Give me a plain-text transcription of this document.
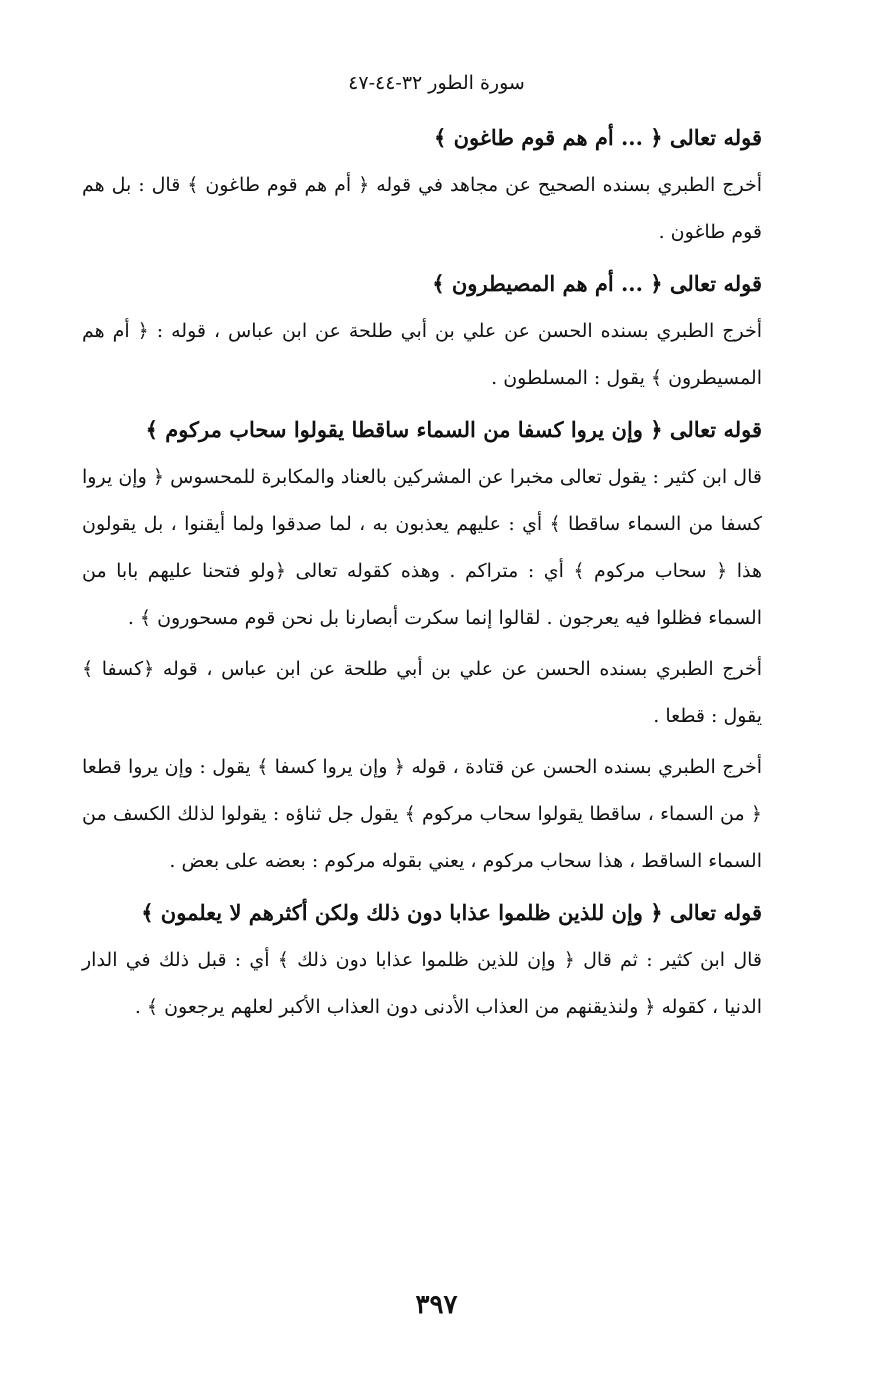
سورة الطور ٣٢-٤٤-٤٧
قوله تعالى ﴿ ... أم هم قوم طاغون ﴾

أخرج الطبري بسنده الصحيح عن مجاهد في قوله ﴿ أم هم قوم طاغون ﴾ قال : بل هم قوم طاغون .

قوله تعالى ﴿ ... أم هم المصيطرون ﴾

أخرج الطبري بسنده الحسن عن علي بن أبي طلحة عن ابن عباس ، قوله : ﴿ أم هم المسيطرون ﴾ يقول : المسلطون .

قوله تعالى ﴿ وإن يروا كسفا من السماء ساقطا يقولوا سحاب مركوم ﴾

قال ابن كثير : يقول تعالى مخبرا عن المشركين بالعناد والمكابرة للمحسوس ﴿ وإن يروا كسفا من السماء ساقطا ﴾ أي : عليهم يعذبون به ، لما صدقوا ولما أيقنوا ، بل يقولون هذا ﴿ سحاب مركوم ﴾ أي : متراكم . وهذه كقوله تعالى ﴿ولو فتحنا عليهم بابا من السماء فظلوا فيه يعرجون . لقالوا إنما سكرت أبصارنا بل نحن قوم مسحورون ﴾ .

أخرج الطبري بسنده الحسن عن علي بن أبي طلحة عن ابن عباس ، قوله ﴿كسفا ﴾ يقول : قطعا .

أخرج الطبري بسنده الحسن عن قتادة ، قوله ﴿ وإن يروا كسفا ﴾ يقول : وإن يروا قطعا ﴿ من السماء ، ساقطا يقولوا سحاب مركوم ﴾ يقول جل ثناؤه : يقولوا لذلك الكسف من السماء الساقط ، هذا سحاب مركوم ، يعني بقوله مركوم : بعضه على بعض .

قوله تعالى ﴿ وإن للذين ظلموا عذابا دون ذلك ولكن أكثرهم لا يعلمون ﴾

قال ابن كثير : ثم قال ﴿ وإن للذين ظلموا عذابا دون ذلك ﴾ أي : قبل ذلك في الدار الدنيا ، كقوله ﴿ ولنذيقنهم من العذاب الأدنى دون العذاب الأكبر لعلهم يرجعون ﴾ .

٣٩٧
